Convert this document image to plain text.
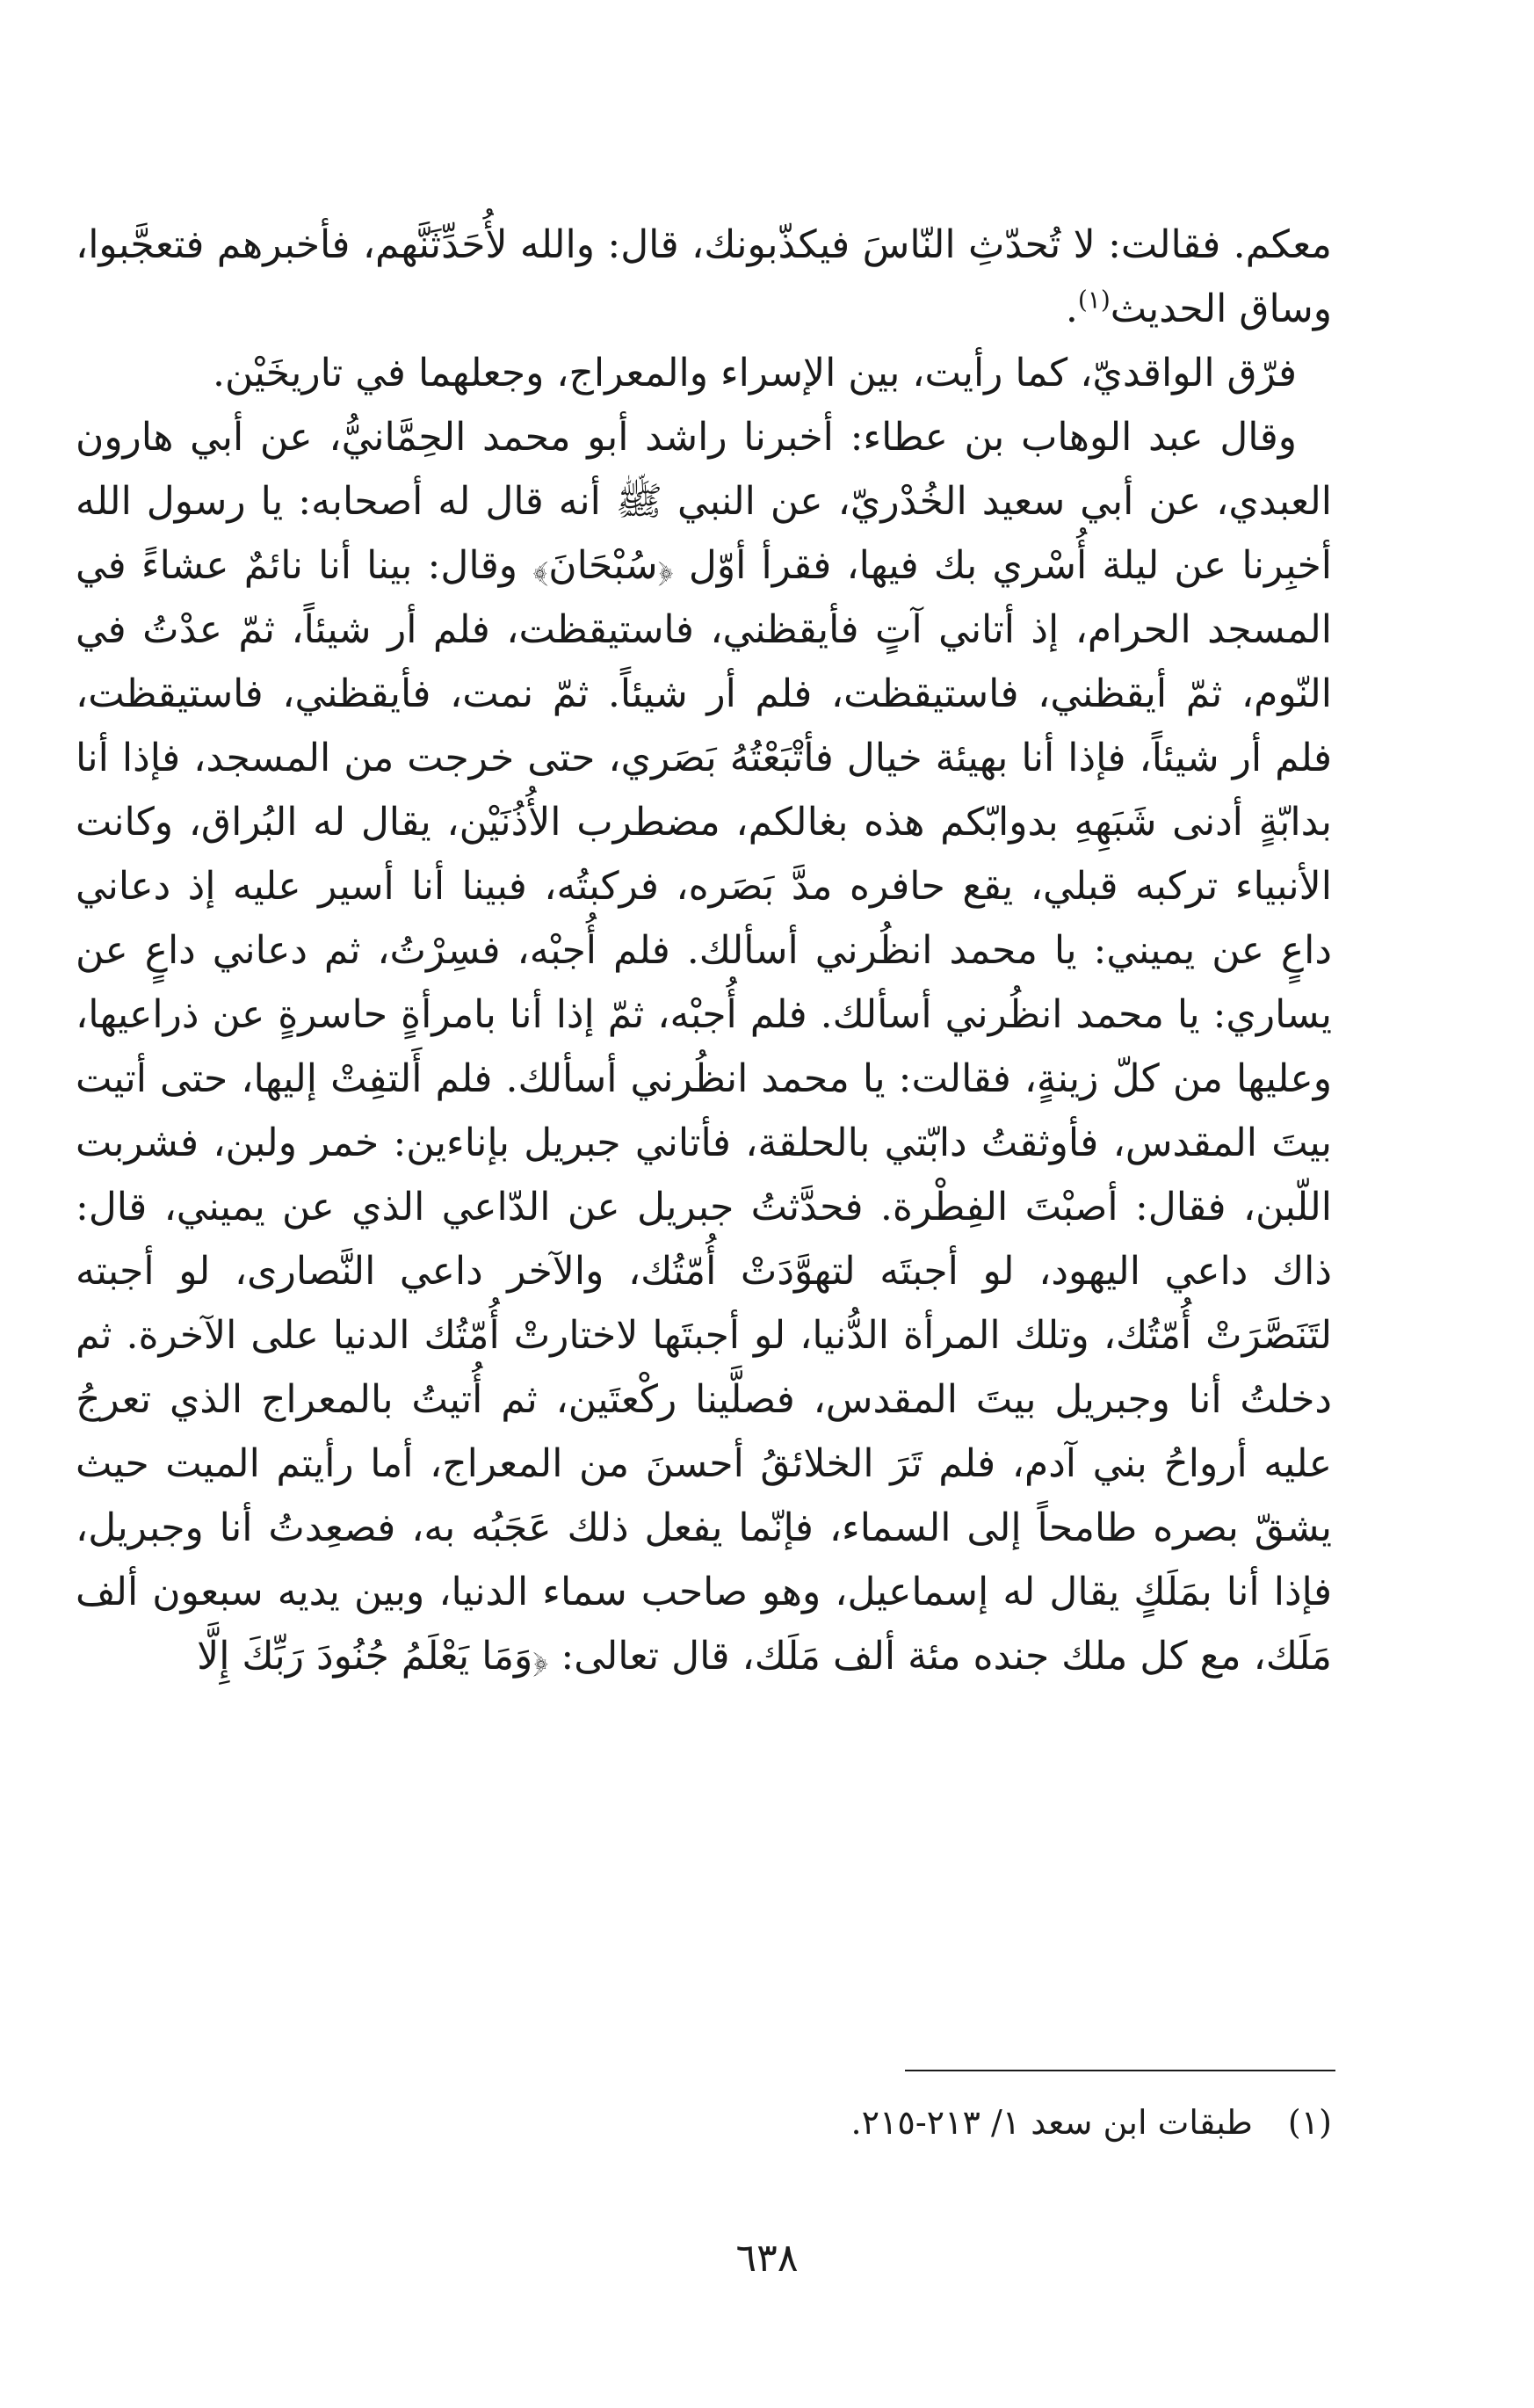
معكم. فقالت: لا تُحدّثِ النّاسَ فيكذّبونك، قال: والله لأُحَدِّثَنَّهم، فأخبرهم فتعجَّبوا، وساق الحديث$^{(١)}$.

فرّق الواقديّ، كما رأيت، بين الإسراء والمعراج، وجعلهما في تاريخَيْن.

وقال عبد الوهاب بن عطاء: أخبرنا راشد أبو محمد الحِمَّانيُّ، عن أبي هارون العبدي، عن أبي سعيد الخُدْريّ، عن النبي ﷺ أنه قال له أصحابه: يا رسول الله أخبِرنا عن ليلة أُسْري بك فيها، فقرأ أوّل ﴿سُبْحَانَ﴾ وقال: بينا أنا نائمٌ عشاءً في المسجد الحرام، إذ أتاني آتٍ فأيقظني، فاستيقظت، فلم أر شيئاً، ثمّ عدْتُ في النّوم، ثمّ أيقظني، فاستيقظت، فلم أر شيئاً. ثمّ نمت، فأيقظني، فاستيقظت، فلم أر شيئاً، فإذا أنا بهيئة خيال فأتْبَعْتُهُ بَصَري، حتى خرجت من المسجد، فإذا أنا بدابّةٍ أدنى شَبَهِهِ بدوابّكم هذه بغالكم، مضطرب الأُذُنَيْن، يقال له البُراق، وكانت الأنبياء تركبه قبلي، يقع حافره مدَّ بَصَره، فركبتُه، فبينا أنا أسير عليه إذ دعاني داعٍ عن يميني: يا محمد انظُرني أسألك. فلم أُجبْه، فسِرْتُ، ثم دعاني داعٍ عن يساري: يا محمد انظُرني أسألك. فلم أُجبْه، ثمّ إذا أنا بامرأةٍ حاسرةٍ عن ذراعيها، وعليها من كلّ زينةٍ، فقالت: يا محمد انظُرني أسألك. فلم أَلتفِتْ إليها، حتى أتيت بيتَ المقدس، فأوثقتُ دابّتي بالحلقة، فأتاني جبريل بإناءين: خمر ولبن، فشربت اللّبن، فقال: أصبْتَ الفِطْرة. فحدَّثتُ جبريل عن الدّاعي الذي عن يميني، قال: ذاك داعي اليهود، لو أجبتَه لتهوَّدَتْ أُمّتُك، والآخر داعي النَّصارى، لو أجبته لتَنَصَّرَتْ أُمّتُك، وتلك المرأة الدُّنيا، لو أجبتَها لاختارتْ أُمّتُك الدنيا على الآخرة. ثم دخلتُ أنا وجبريل بيتَ المقدس، فصلَّينا ركْعتَين، ثم أُتيتُ بالمعراج الذي تعرجُ عليه أرواحُ بني آدم، فلم تَرَ الخلائقُ أحسنَ من المعراج، أما رأيتم الميت حيث يشقّ بصره طامحاً إلى السماء، فإنّما يفعل ذلك عَجَبُه به، فصعِدتُ أنا وجبريل، فإذا أنا بمَلَكٍ يقال له إسماعيل، وهو صاحب سماء الدنيا، وبين يديه سبعون ألف مَلَك، مع كل ملك جنده مئة ألف مَلَك، قال تعالى: ﴿وَمَا يَعْلَمُ جُنُودَ رَبِّكَ إِلَّا

(١)طبقات ابن سعد ١/ ٢١٣-٢١٥.
٦٣٨
